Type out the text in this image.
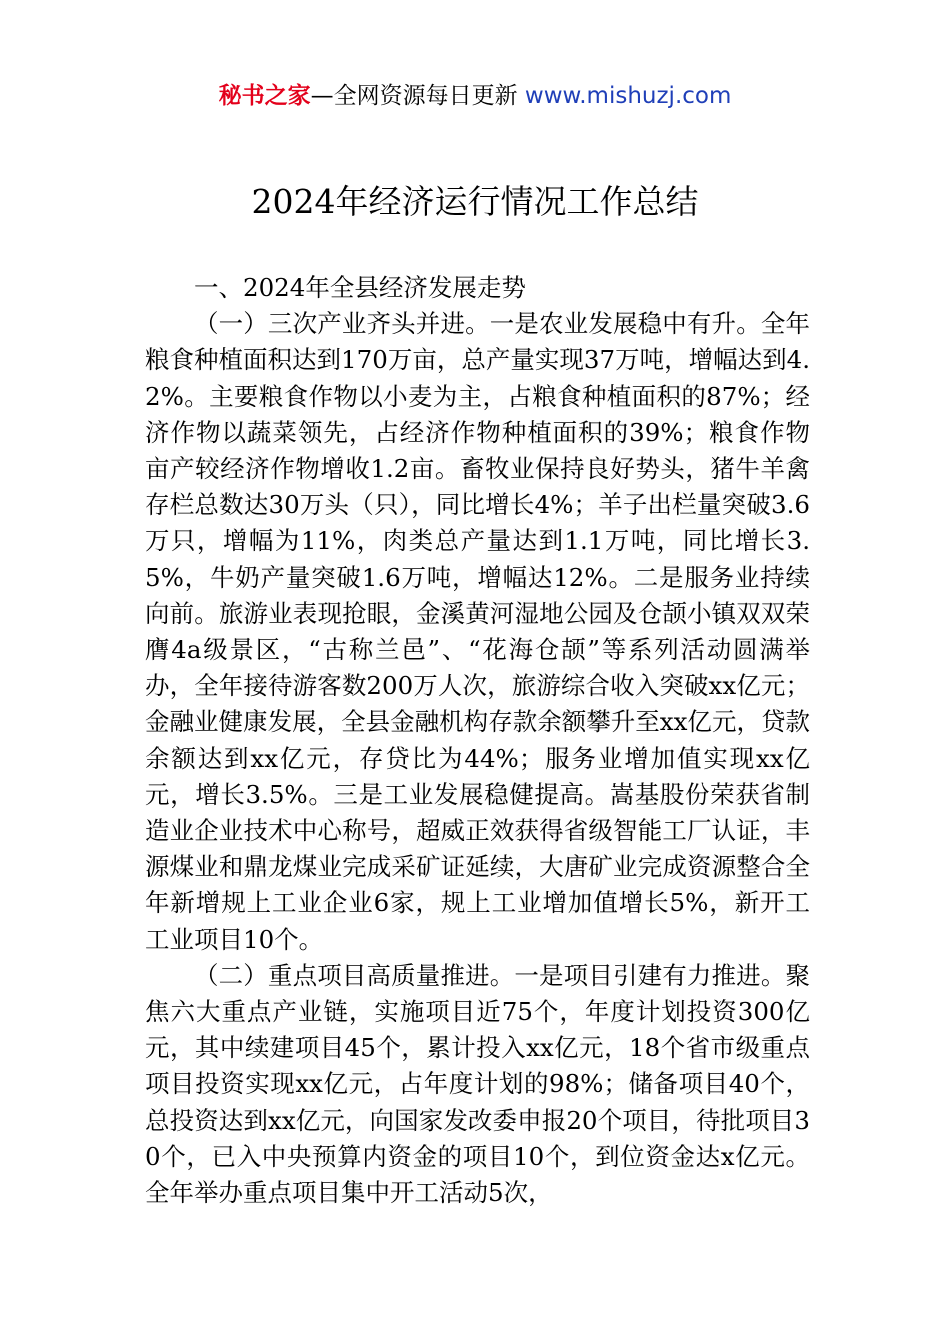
秘书之家—全网资源每日更新 www.mishuzj.com
2024年经济运行情况工作总结

一、2024年全县经济发展走势

（一）三次产业齐头并进。一是农业发展稳中有升。全年粮食种植面积达到170万亩，总产量实现37万吨，增幅达到4.2%。主要粮食作物以小麦为主，占粮食种植面积的87%；经济作物以蔬菜领先，占经济作物种植面积的39%；粮食作物亩产较经济作物增收1.2亩。畜牧业保持良好势头，猪牛羊禽存栏总数达30万头（只），同比增长4%；羊子出栏量突破3.6万只，增幅为11%，肉类总产量达到1.1万吨，同比增长3.5%，牛奶产量突破1.6万吨，增幅达12%。二是服务业持续向前。旅游业表现抢眼，金溪黄河湿地公园及仓颉小镇双双荣膺4a级景区，“古称兰邑”、“花海仓颉”等系列活动圆满举办，全年接待游客数200万人次，旅游综合收入突破xx亿元；金融业健康发展，全县金融机构存款余额攀升至xx亿元，贷款余额达到xx亿元，存贷比为44%；服务业增加值实现xx亿元，增长3.5%。三是工业发展稳健提高。嵩基股份荣获省制造业企业技术中心称号，超威正效获得省级智能工厂认证，丰源煤业和鼎龙煤业完成采矿证延续，大唐矿业完成资源整合全年新增规上工业企业6家，规上工业增加值增长5%，新开工工业项目10个。

（二）重点项目高质量推进。一是项目引建有力推进。聚焦六大重点产业链，实施项目近75个，年度计划投资300亿元，其中续建项目45个，累计投入xx亿元，18个省市级重点项目投资实现xx亿元，占年度计划的98%；储备项目40个，总投资达到xx亿元，向国家发改委申报20个项目，待批项目30个，已入中央预算内资金的项目10个，到位资金达x亿元。全年举办重点项目集中开工活动5次，
